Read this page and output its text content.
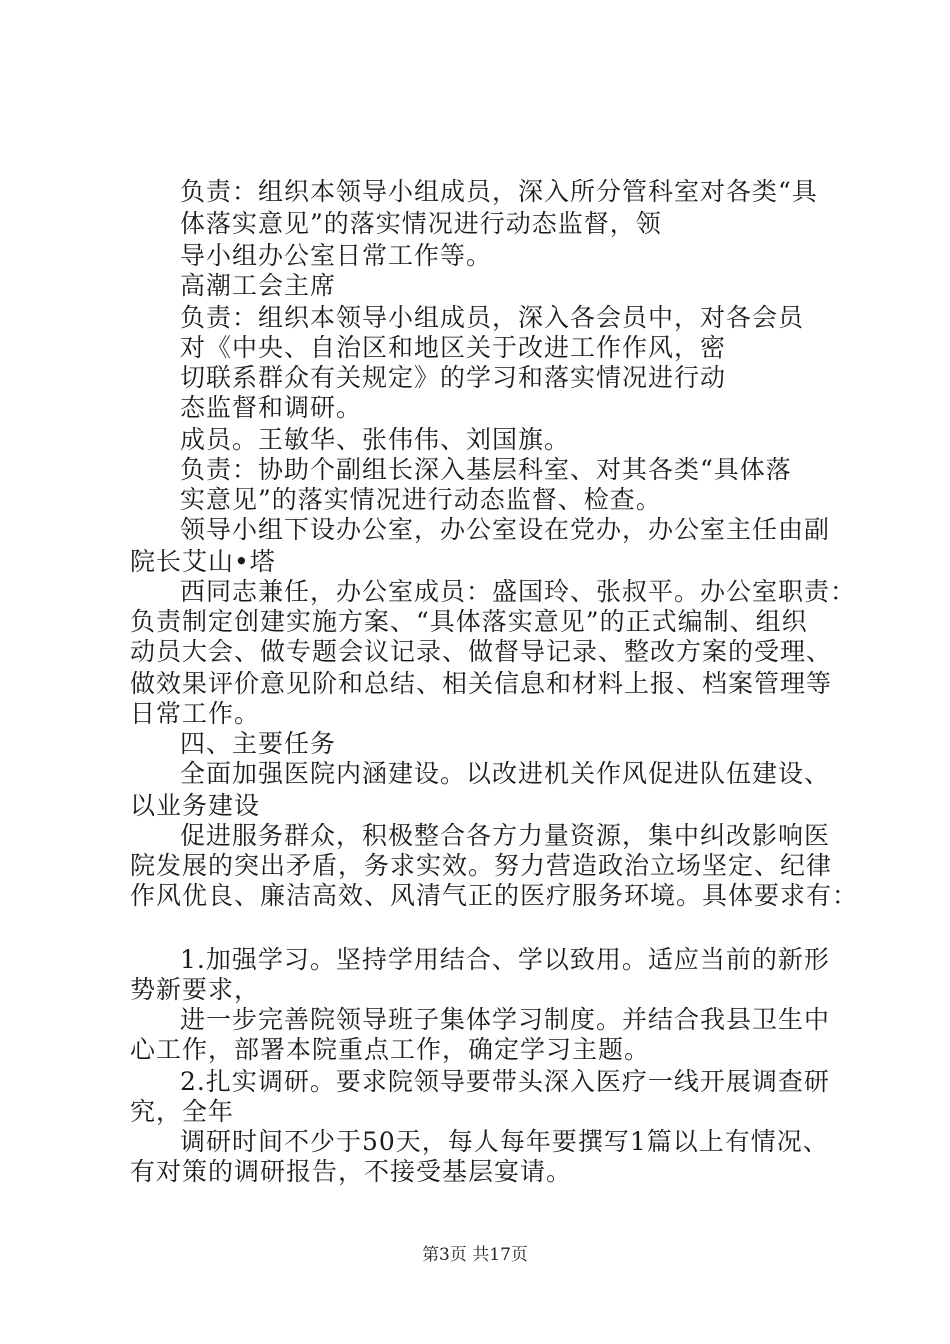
负责：组织本领导小组成员，深入所分管科室对各类“具

体落实意见”的落实情况进行动态监督，领

导小组办公室日常工作等。

高潮工会主席

负责：组织本领导小组成员，深入各会员中，对各会员

对《中央、自治区和地区关于改进工作作风，密

切联系群众有关规定》的学习和落实情况进行动

态监督和调研。

成员。王敏华、张伟伟、刘国旗。

负责：协助个副组长深入基层科室、对其各类“具体落

实意见”的落实情况进行动态监督、检查。

领导小组下设办公室，办公室设在党办，办公室主任由副

院长艾山•塔

西同志兼任，办公室成员：盛国玲、张叔平。办公室职责：

负责制定创建实施方案、“具体落实意见”的正式编制、组织

动员大会、做专题会议记录、做督导记录、整改方案的受理、

做效果评价意见阶和总结、相关信息和材料上报、档案管理等

日常工作。

四、主要任务

全面加强医院内涵建设。以改进机关作风促进队伍建设、

以业务建设

促进服务群众，积极整合各方力量资源，集中纠改影响医

院发展的突出矛盾，务求实效。努力营造政治立场坚定、纪律

作风优良、廉洁高效、风清气正的医疗服务环境。具体要求有：

1.加强学习。坚持学用结合、学以致用。适应当前的新形

势新要求，

进一步完善院领导班子集体学习制度。并结合我县卫生中

心工作，部署本院重点工作，确定学习主题。

2.扎实调研。要求院领导要带头深入医疗一线开展调查研

究，全年

调研时间不少于50天，每人每年要撰写1篇以上有情况、

有对策的调研报告，不接受基层宴请。

第3页 共17页
